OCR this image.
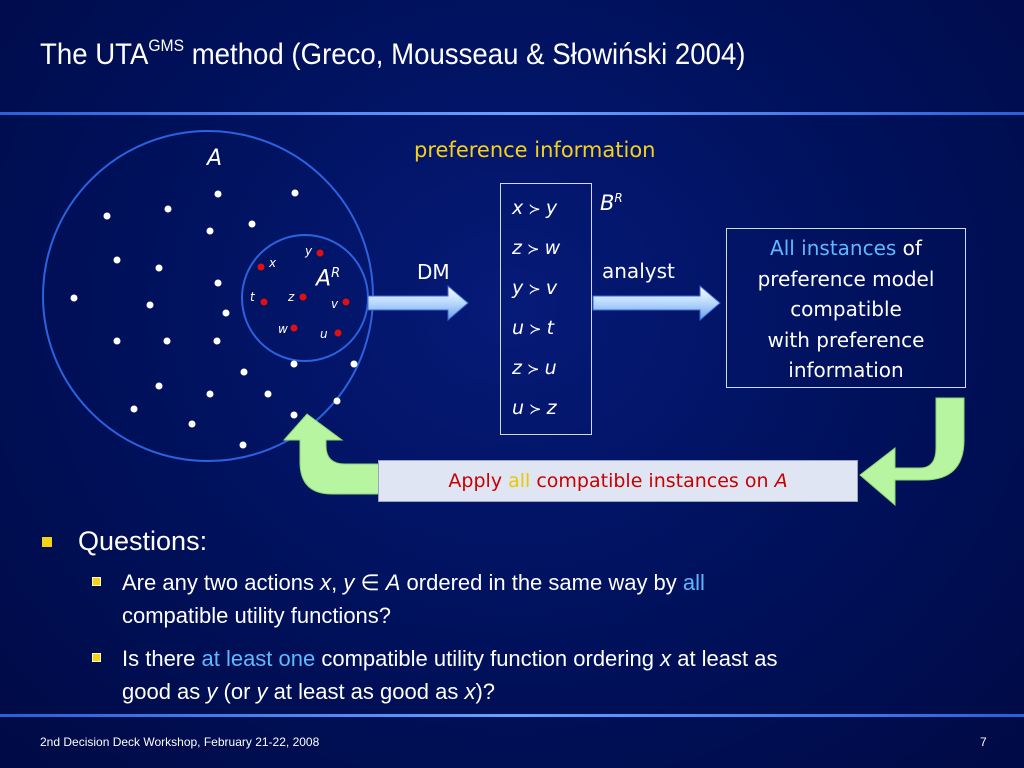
The $UTA^{GMS}$ method (Greco, Mousseau & Słowiński 2004)
A
$A^R$
x
y
t	z	v
w	u
preference information
DM	analyst
$B^R$
x ≻ y
z ≻ w
y ≻ v
u ≻ t
z ≻ u
u ≻ z
All instances of
preference model
compatible
with preference
information
Apply all compatible instances on A
Questions:
Are any two actions x, y ∈ A ordered in the same way by all
compatible utility functions?
Is there at least one compatible utility function ordering x at least as
good as y (or y at least as good as x)?
2nd Decision Deck Workshop, February 21-22, 2008	7
